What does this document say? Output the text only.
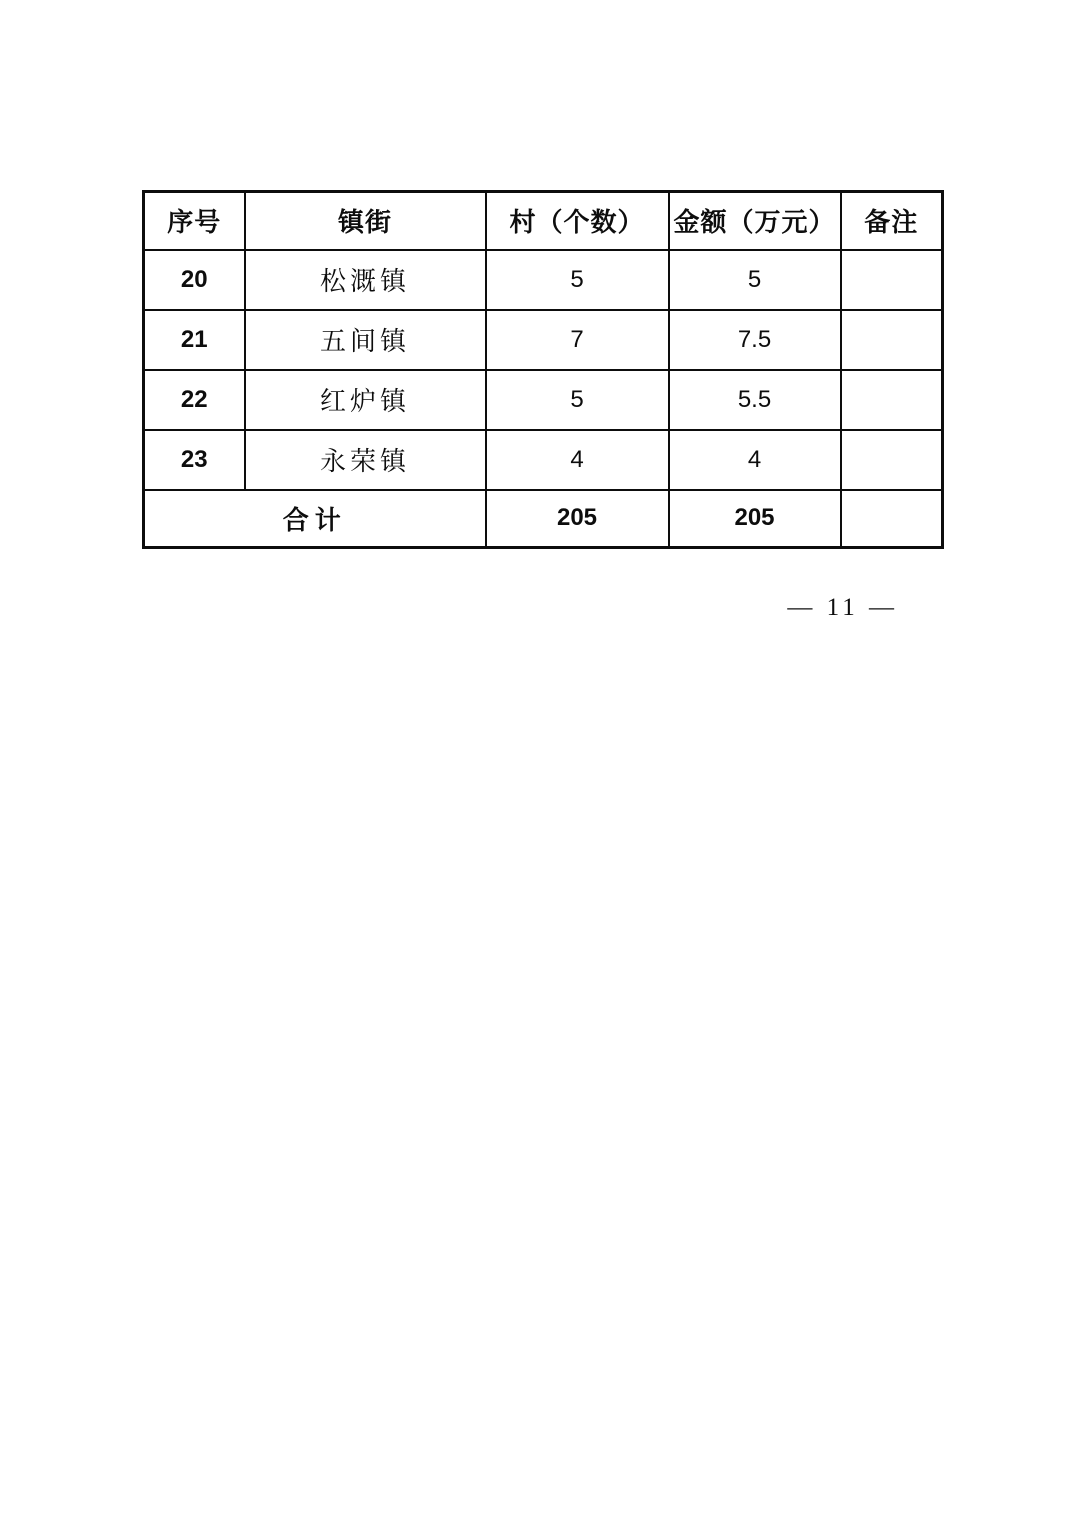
序号	镇街	村（个数）	金额（万元）	备注
20	松溉镇	5	5	
21	五间镇	7	7.5	
22	红炉镇	5	5.5	
23	永荣镇	4	4	
合计		205	205	
— 11 —
